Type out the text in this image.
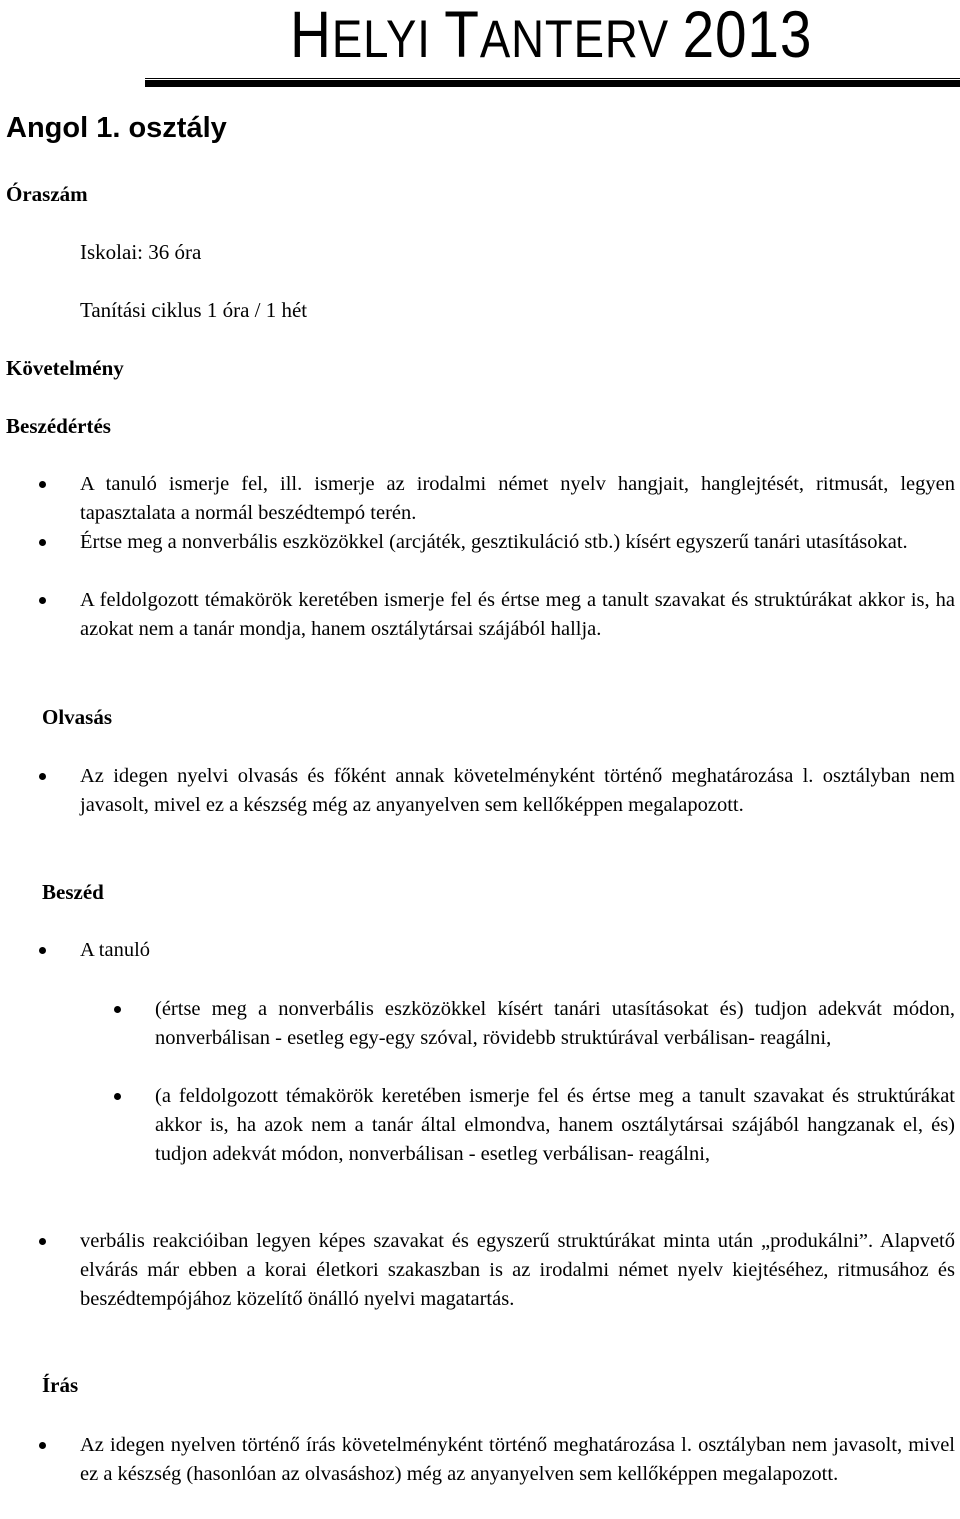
HELYI TANTERV 2013
Angol 1. osztály
Óraszám
Iskolai: 36 óra
Tanítási ciklus 1 óra / 1 hét
Követelmény
Beszédértés
A tanuló ismerje fel, ill. ismerje az irodalmi német nyelv hangjait, hanglejtését, ritmusát, legyen tapasztalata a normál beszédtempó terén.
Értse meg a nonverbális eszközökkel (arcjáték, gesztikuláció stb.) kísért egyszerű tanári utasításokat.
A feldolgozott témakörök keretében ismerje fel és értse meg a tanult szavakat és struktúrákat akkor is, ha azokat nem a tanár mondja, hanem osztálytársai szájából hallja.
Olvasás
Az idegen nyelvi olvasás és főként annak követelményként történő meghatározása l. osztályban nem javasolt, mivel ez a készség még az anyanyelven sem kellőképpen megalapozott.
Beszéd
A tanuló
(értse meg a nonverbális eszközökkel kísért tanári utasításokat és) tudjon adekvát módon, nonverbálisan - esetleg egy-egy szóval, rövidebb struktúrával verbálisan- reagálni,
(a feldolgozott témakörök keretében ismerje fel és értse meg a tanult szavakat és struktúrákat akkor is, ha azok nem a tanár által elmondva, hanem osztálytársai szájából hangzanak el, és) tudjon adekvát módon, nonverbálisan - esetleg verbálisan- reagálni,
verbális reakcióiban legyen képes szavakat és egyszerű struktúrákat minta után „produkálni”. Alapvető elvárás már ebben a korai életkori szakaszban is az irodalmi német nyelv kiejtéséhez, ritmusához és beszédtempójához közelítő önálló nyelvi magatartás.
Írás
Az idegen nyelven történő írás követelményként történő meghatározása l. osztályban nem javasolt, mivel ez a készség (hasonlóan az olvasáshoz) még az anyanyelven sem kellőképpen megalapozott.
